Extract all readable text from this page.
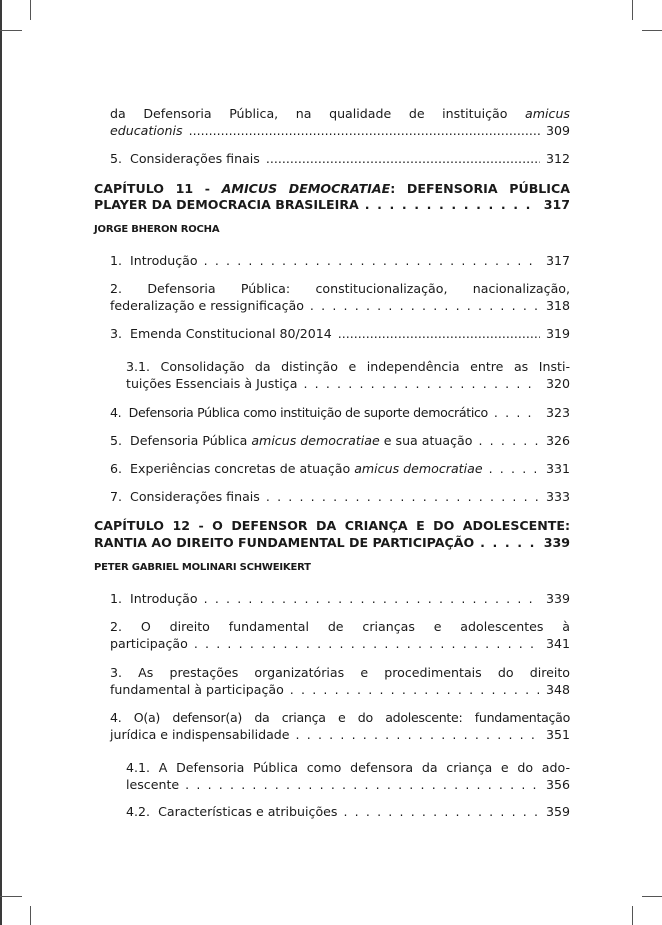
da Defensoria Pública, na qualidade de instituição amicus
educationis .....	309
5. Considerações finais .....	312
CAPÍTULO 11 - AMICUS DEMOCRATIAE: DEFENSORIA PÚBLICA
PLAYER DA DEMOCRACIA BRASILEIRA . . .	317
JORGE BHERON ROCHA
1. Introdução . . .	317
2. Defensoria Pública: constitucionalização, nacionalização,
federalização e ressignificação . . .	318
3. Emenda Constitucional 80/2014 .....	319
3.1. Consolidação da distinção e independência entre as Insti-
tuições Essenciais à Justiça . . .	320
4. Defensoria Pública como instituição de suporte democrático . . .	323
5. Defensoria Pública amicus democratiae e sua atuação . . .	326
6. Experiências concretas de atuação amicus democratiae . . .	331
7. Considerações finais . . .	333
CAPÍTULO 12 - O DEFENSOR DA CRIANÇA E DO ADOLESCENTE:
RANTIA AO DIREITO FUNDAMENTAL DE PARTICIPAÇÃO . . .	339
PETER GABRIEL MOLINARI SCHWEIKERT
1. Introdução . . .	339
2. O direito fundamental de crianças e adolescentes à
participação . . .	341
3. As prestações organizatórias e procedimentais do direito
fundamental à participação . . .	348
4. O(a) defensor(a) da criança e do adolescente: fundamentação
jurídica e indispensabilidade . . .	351
4.1. A Defensoria Pública como defensora da criança e do ado-
lescente . . .	356
4.2. Características e atribuições . . .	359
